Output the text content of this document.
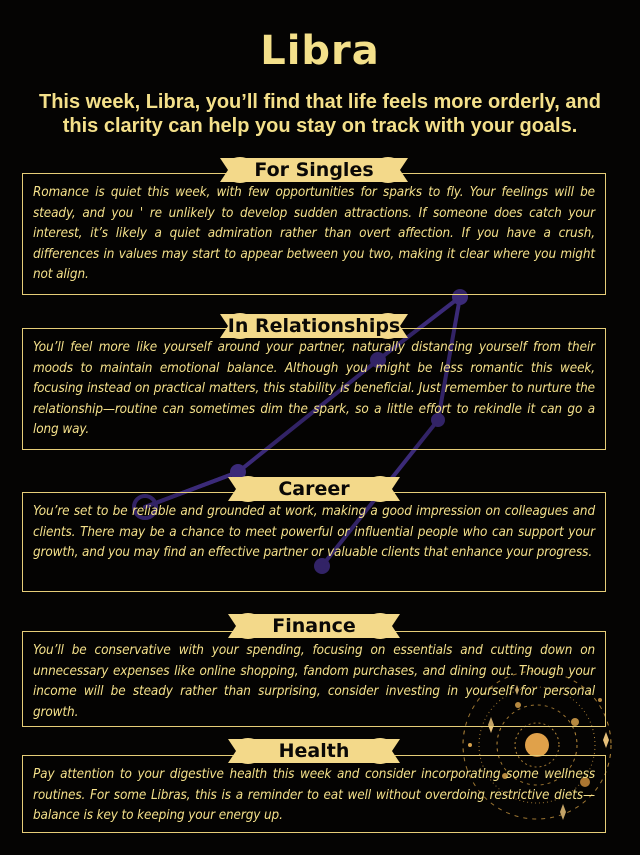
Libra
This week, Libra, you’ll find that life feels more orderly, and this clarity can help you stay on track with your goals.

Romance is quiet this week, with few opportunities for sparks to fly. Your feelings will be steady, and you ' re unlikely to develop sudden attractions. If someone does catch your interest, it’s likely a quiet admiration rather than overt affection. If you have a crush, differences in values may start to appear between you two, making it clear where you might not align.

For Singles

You’ll feel more like yourself around your partner, naturally distancing yourself from their moods to maintain emotional balance. Although you might be less romantic this week, focusing instead on practical matters, this stability is beneficial. Just remember to nurture the relationship—routine can sometimes dim the spark, so a little effort to rekindle it can go a long way.

In Relationships

You’re set to be reliable and grounded at work, making a good impression on colleagues and clients. There may be a chance to meet powerful or influential people who can support your growth, and you may find an effective partner or valuable clients that enhance your progress.

Career

You’ll be conservative with your spending, focusing on essentials and cutting down on unnecessary expenses like online shopping, fandom purchases, and dining out. Though your income will be steady rather than surprising, consider investing in yourself for personal growth.

Finance

Pay attention to your digestive health this week and consider incorporating some wellness routines. For some Libras, this is a reminder to eat well without overdoing restrictive diets—balance is key to keeping your energy up.

Health
